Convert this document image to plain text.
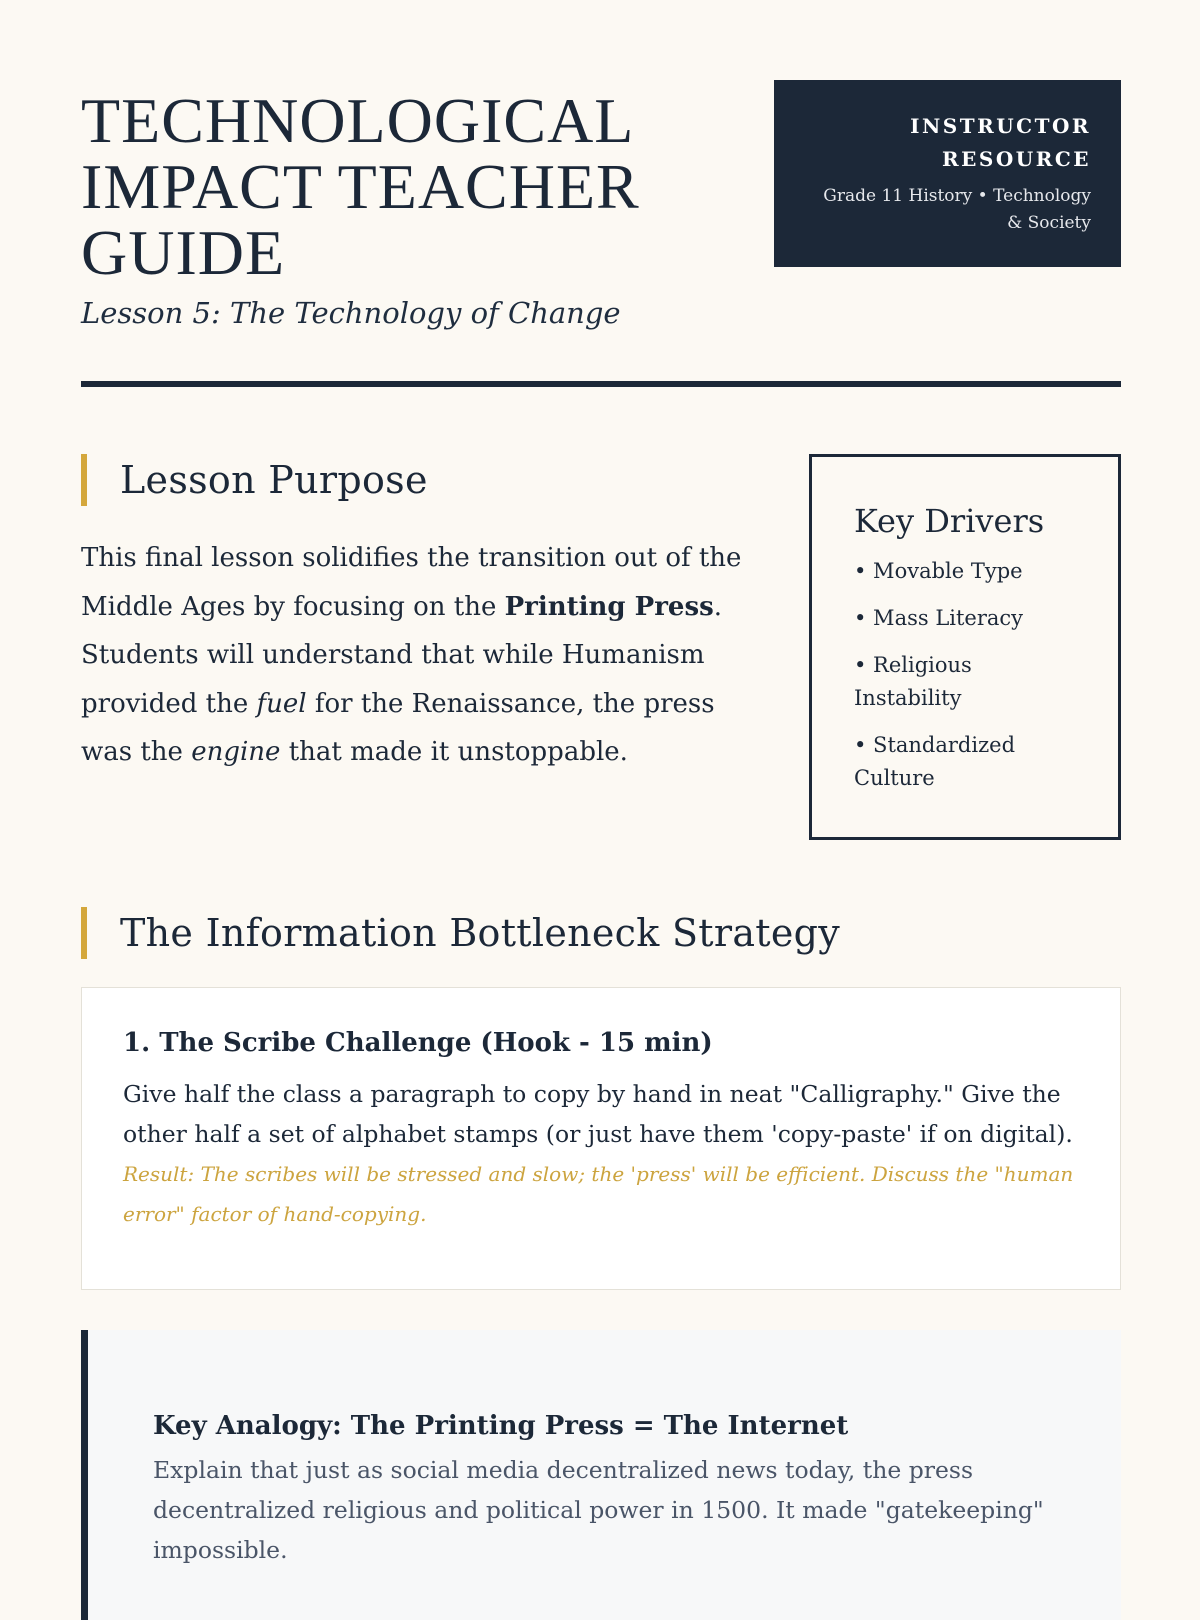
TECHNOLOGICAL IMPACT TEACHER GUIDE

Lesson 5: The Technology of Change

INSTRUCTOR RESOURCE
Grade 11 History • Technology & Society
Lesson Purpose

This final lesson solidifies the transition out of the Middle Ages by focusing on the Printing Press. Students will understand that while Humanism provided the fuel for the Renaissance, the press was the engine that made it unstoppable.

Key Drivers
• Movable Type
• Mass Literacy
• Religious Instability
• Standardized Culture
The Information Bottleneck Strategy
1. The Scribe Challenge (Hook - 15 min)

Give half the class a paragraph to copy by hand in neat "Calligraphy." Give the other half a set of alphabet stamps (or just have them 'copy-paste' if on digital).

Result: The scribes will be stressed and slow; the 'press' will be efficient. Discuss the "human error" factor of hand-copying.

Key Analogy: The Printing Press = The Internet

Explain that just as social media decentralized news today, the press decentralized religious and political power in 1500. It made "gatekeeping" impossible.
